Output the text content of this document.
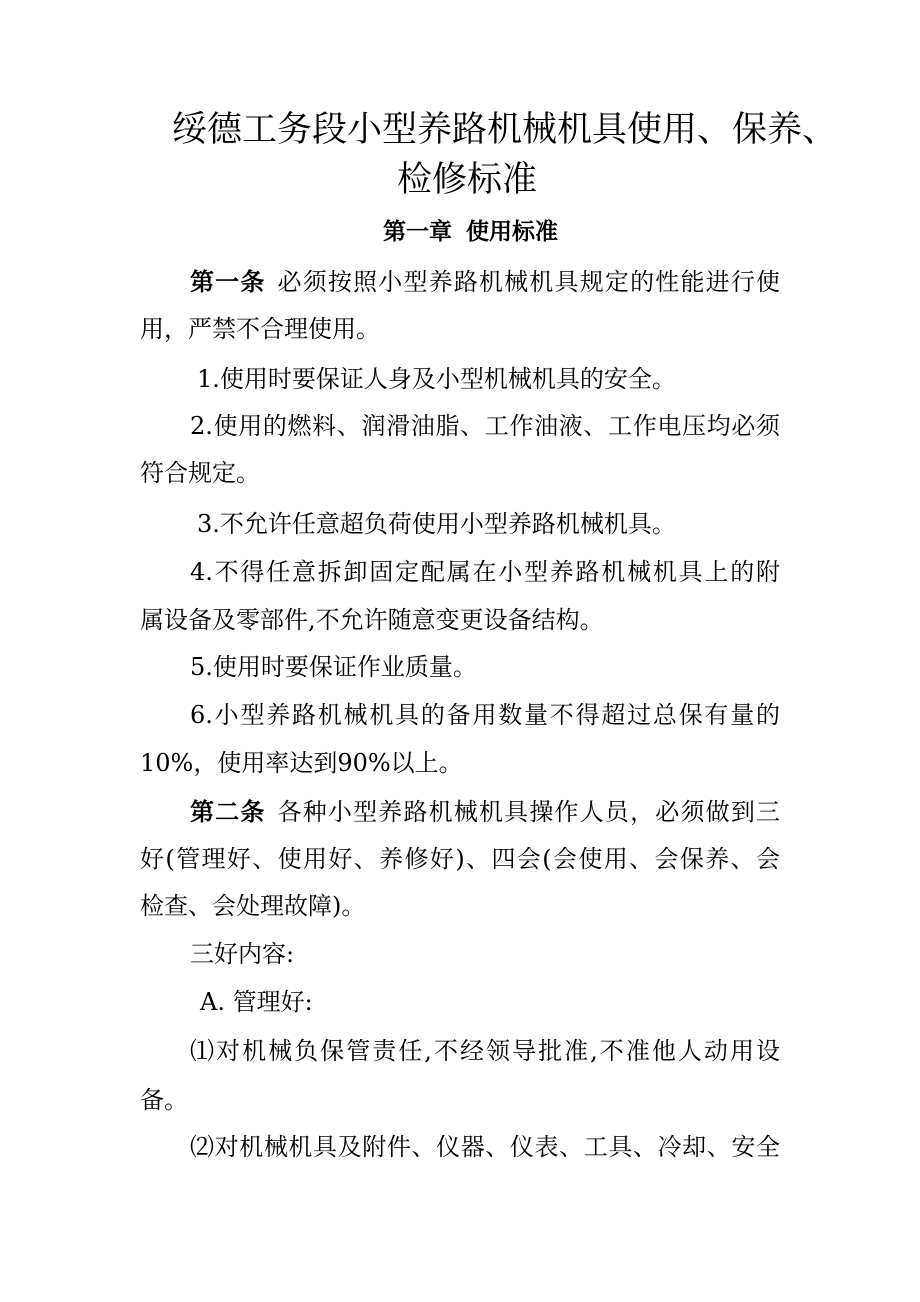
绥德工务段小型养路机械机具使用、保养、
检修标准
第一章 使用标准
第一条 必须按照小型养路机械机具规定的性能进行使
用，严禁不合理使用。
1.使用时要保证人身及小型机械机具的安全。
2.使用的燃料、润滑油脂、工作油液、工作电压均必须
符合规定。
3.不允许任意超负荷使用小型养路机械机具。
4.不得任意拆卸固定配属在小型养路机械机具上的附
属设备及零部件,不允许随意变更设备结构。
5.使用时要保证作业质量。
6.小型养路机械机具的备用数量不得超过总保有量的
10%，使用率达到90%以上。
第二条 各种小型养路机械机具操作人员，必须做到三
好(管理好、使用好、养修好)、四会(会使用、会保养、会
检查、会处理故障)。
三好内容:
A. 管理好:
⑴对机械负保管责任,不经领导批准,不准他人动用设
备。
⑵对机械机具及附件、仪器、仪表、工具、冷却、安全
